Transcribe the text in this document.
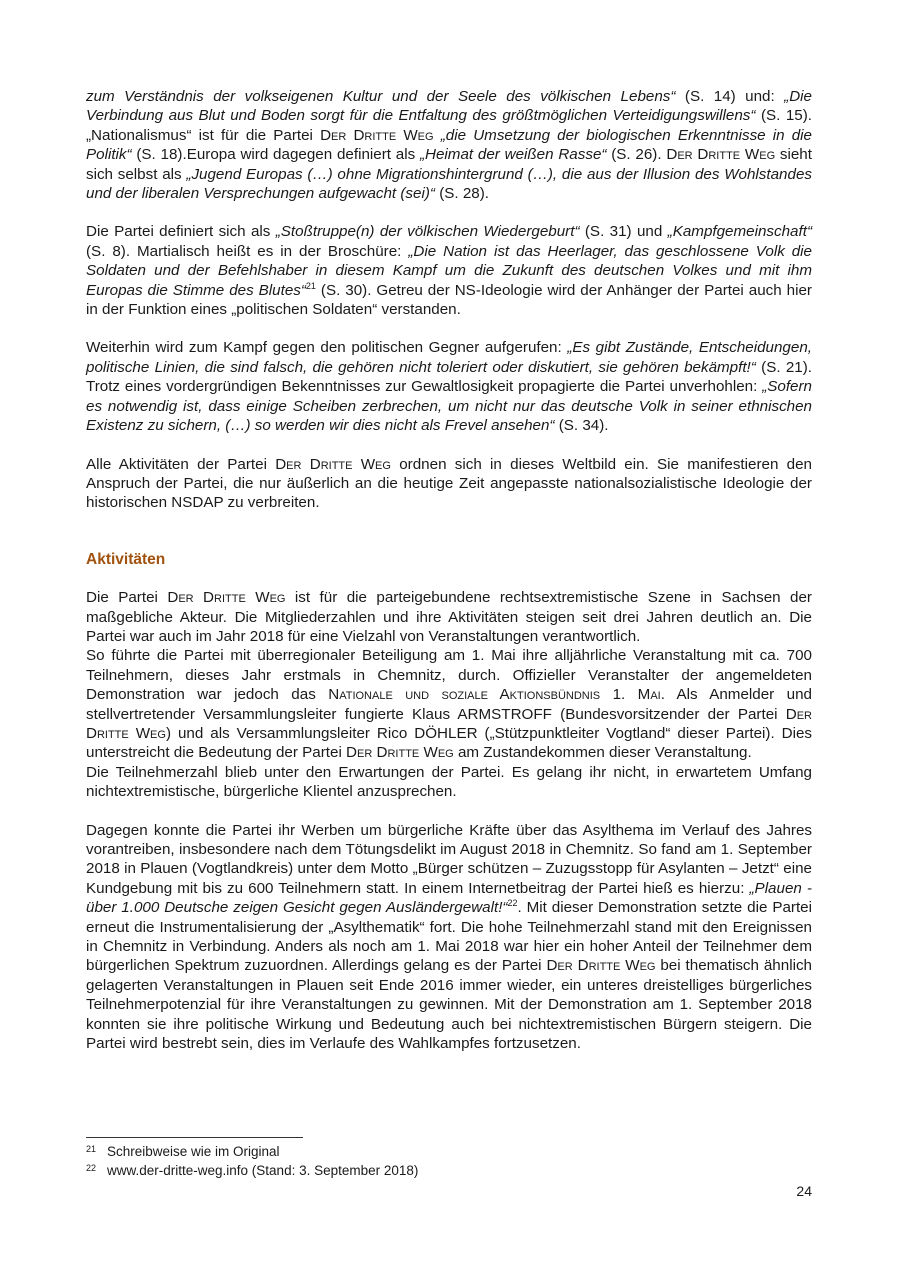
zum Verständnis der volkseigenen Kultur und der Seele des völkischen Lebens“ (S. 14) und: „Die Verbindung aus Blut und Boden sorgt für die Entfaltung des größtmöglichen Verteidigungswillens“ (S. 15). „Nationalismus“ ist für die Partei Der Dritte Weg „die Umsetzung der biologischen Erkenntnisse in die Politik“ (S. 18).Europa wird dagegen definiert als „Heimat der weißen Rasse“ (S. 26). Der Dritte Weg sieht sich selbst als „Jugend Europas (…) ohne Migrationshintergrund (…), die aus der Illusion des Wohlstandes und der liberalen Versprechungen aufgewacht (sei)“ (S. 28).

Die Partei definiert sich als „Stoßtruppe(n) der völkischen Wiedergeburt“ (S. 31) und „Kampfgemeinschaft“ (S. 8). Martialisch heißt es in der Broschüre: „Die Nation ist das Heerlager, das geschlossene Volk die Soldaten und der Befehlshaber in diesem Kampf um die Zukunft des deutschen Volkes und mit ihm Europas die Stimme des Blutes“$^{21}$ (S. 30). Getreu der NS-Ideologie wird der Anhänger der Partei auch hier in der Funktion eines „politischen Soldaten“ verstanden.

Weiterhin wird zum Kampf gegen den politischen Gegner aufgerufen: „Es gibt Zustände, Entscheidungen, politische Linien, die sind falsch, die gehören nicht toleriert oder diskutiert, sie gehören bekämpft!“ (S. 21). Trotz eines vordergründigen Bekenntnisses zur Gewaltlosigkeit propagierte die Partei unverhohlen: „Sofern es notwendig ist, dass einige Scheiben zerbrechen, um nicht nur das deutsche Volk in seiner ethnischen Existenz zu sichern, (…) so werden wir dies nicht als Frevel ansehen“ (S. 34).

Alle Aktivitäten der Partei Der Dritte Weg ordnen sich in dieses Weltbild ein. Sie manifestieren den Anspruch der Partei, die nur äußerlich an die heutige Zeit angepasste nationalsozialistische Ideologie der historischen NSDAP zu verbreiten.

Aktivitäten

Die Partei Der Dritte Weg ist für die parteigebundene rechtsextremistische Szene in Sachsen der maßgebliche Akteur. Die Mitgliederzahlen und ihre Aktivitäten steigen seit drei Jahren deutlich an. Die Partei war auch im Jahr 2018 für eine Vielzahl von Veranstaltungen verantwortlich.

So führte die Partei mit überregionaler Beteiligung am 1. Mai ihre alljährliche Veranstaltung mit ca. 700 Teilnehmern, dieses Jahr erstmals in Chemnitz, durch. Offizieller Veranstalter der angemeldeten Demonstration war jedoch das Nationale und soziale Aktionsbündnis 1. Mai. Als Anmelder und stellvertretender Versammlungsleiter fungierte Klaus ARMSTROFF (Bundesvorsitzender der Partei Der Dritte Weg) und als Versammlungsleiter Rico DÖHLER („Stützpunktleiter Vogtland“ dieser Partei). Dies unterstreicht die Bedeutung der Partei Der Dritte Weg am Zustandekommen dieser Veranstaltung.

Die Teilnehmerzahl blieb unter den Erwartungen der Partei. Es gelang ihr nicht, in erwartetem Umfang nichtextremistische, bürgerliche Klientel anzusprechen.

Dagegen konnte die Partei ihr Werben um bürgerliche Kräfte über das Asylthema im Verlauf des Jahres vorantreiben, insbesondere nach dem Tötungsdelikt im August 2018 in Chemnitz. So fand am 1. September 2018 in Plauen (Vogtlandkreis) unter dem Motto „Bürger schützen – Zuzugsstopp für Asylanten – Jetzt“ eine Kundgebung mit bis zu 600 Teilnehmern statt. In einem Internetbeitrag der Partei hieß es hierzu: „Plauen - über 1.000 Deutsche zeigen Gesicht gegen Ausländergewalt!“$^{22}$. Mit dieser Demonstration setzte die Partei erneut die Instrumentalisierung der „Asylthematik“ fort. Die hohe Teilnehmerzahl stand mit den Ereignissen in Chemnitz in Verbindung. Anders als noch am 1. Mai 2018 war hier ein hoher Anteil der Teilnehmer dem bürgerlichen Spektrum zuzuordnen. Allerdings gelang es der Partei Der Dritte Weg bei thematisch ähnlich gelagerten Veranstaltungen in Plauen seit Ende 2016 immer wieder, ein unteres dreistelliges bürgerliches Teilnehmerpotenzial für ihre Veranstaltungen zu gewinnen. Mit der Demonstration am 1. September 2018 konnten sie ihre politische Wirkung und Bedeutung auch bei nichtextremistischen Bürgern steigern. Die Partei wird bestrebt sein, dies im Verlaufe des Wahlkampfes fortzusetzen.

21 Schreibweise wie im Original
22 www.der-dritte-weg.info (Stand: 3. September 2018)
24
